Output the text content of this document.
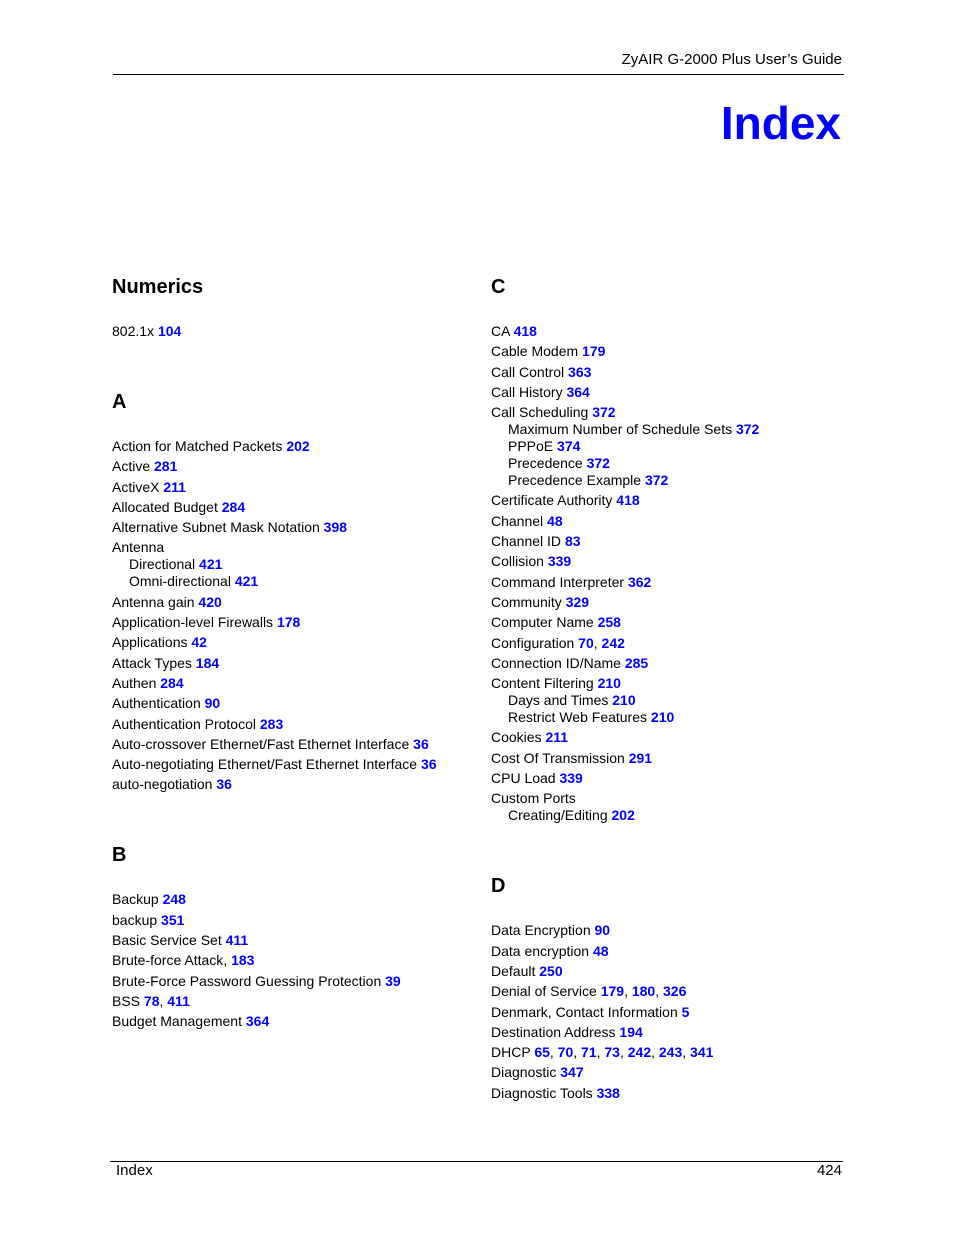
ZyAIR G-2000 Plus User’s Guide
Index
Numerics
802.1x 104
A
Action for Matched Packets 202
Active 281
ActiveX 211
Allocated Budget 284
Alternative Subnet Mask Notation 398
Antenna
Directional 421
Omni-directional 421
Antenna gain 420
Application-level Firewalls 178
Applications 42
Attack Types 184
Authen 284
Authentication 90
Authentication Protocol 283
Auto-crossover Ethernet/Fast Ethernet Interface 36
Auto-negotiating Ethernet/Fast Ethernet Interface 36
auto-negotiation 36
B
Backup 248
backup 351
Basic Service Set 411
Brute-force Attack, 183
Brute-Force Password Guessing Protection 39
BSS 78, 411
Budget Management 364
C
CA 418
Cable Modem 179
Call Control 363
Call History 364
Call Scheduling 372
Maximum Number of Schedule Sets 372
PPPoE 374
Precedence 372
Precedence Example 372
Certificate Authority 418
Channel 48
Channel ID 83
Collision 339
Command Interpreter 362
Community 329
Computer Name 258
Configuration 70, 242
Connection ID/Name 285
Content Filtering 210
Days and Times 210
Restrict Web Features 210
Cookies 211
Cost Of Transmission 291
CPU Load 339
Custom Ports
Creating/Editing 202
D
Data Encryption 90
Data encryption 48
Default 250
Denial of Service 179, 180, 326
Denmark, Contact Information 5
Destination Address 194
DHCP 65, 70, 71, 73, 242, 243, 341
Diagnostic 347
Diagnostic Tools 338
Index	424
